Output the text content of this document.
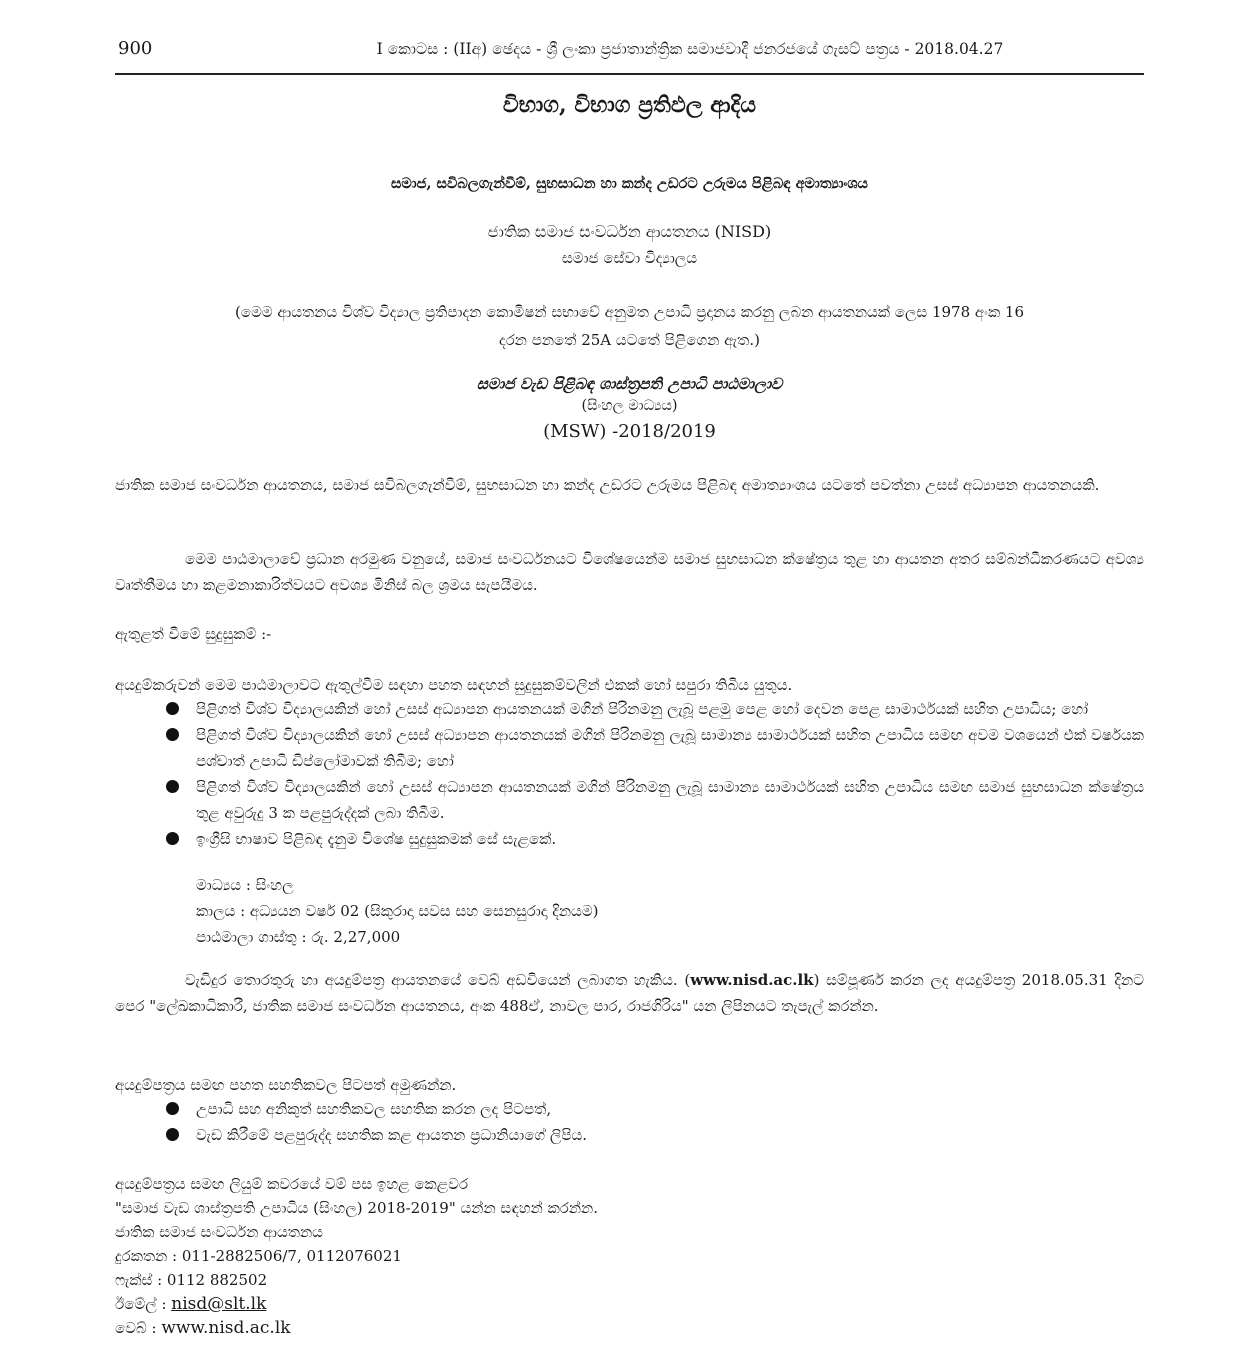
900	I කොටස : (IIඅ) ඡෙදය - ශ්‍රී ලංකා ප්‍රජාතාන්ත්‍රික සමාජවාදී ජනරජයේ ගැසට් පත්‍රය - 2018.04.27
විභාග, විභාග ප්‍රතිඵල ආදිය
සමාජ, සවිබලගැන්වීම්, සුභසාධන හා කන්ද උඩරට උරුමය පිළිබඳ අමාත්‍යාංශය
ජාතික සමාජ සංවර්ධන ආයතනය (NISD)
සමාජ සේවා විද්‍යාලය
(මෙම ආයතනය විශ්ව විද්‍යාල ප්‍රතිපාදන කොමිෂන් සභාවේ අනුමත උපාධි ප්‍රදානය කරනු ලබන ආයතනයක් ලෙස 1978 අංක 16
දරන පනතේ 25A යටතේ පිළිගෙන ඇත.)
සමාජ වැඩ පිළිබඳ ශාස්ත්‍රපති උපාධි පාඨමාලාව
(සිංහල මාධ්‍යය)
(MSW) -2018/2019
ජාතික සමාජ සංවර්ධන ආයතනය, සමාජ සවිබලගැන්වීම්, සුභසාධන හා කන්ද උඩරට උරුමය පිළිබඳ අමාත්‍යාංශය යටතේ පවත්නා උසස් අධ්‍යාපන ආයතනයකි.
මෙම පාඨමාලාවේ ප්‍රධාන අරමුණ වනුයේ, සමාජ සංවර්ධනයට විශේෂයෙන්ම සමාජ සුභසාධන ක්ෂේත්‍රය තුළ හා ආයතන අතර සම්බන්ධීකරණයට අවශ්‍ය වෘත්තීමය හා කළමනාකාරිත්වයට අවශ්‍ය මිනිස් බල ශ්‍රමය සැපයීමය.
ඇතුළත් වීමේ සුදුසුකම් :-
අයදුම්කරුවන් මෙම පාඨමාලාවට ඇතුල්වීම සඳහා පහත සඳහන් සුදුසුකම්වලින් එකක් හෝ සපුරා තිබිය යුතුය.
පිළිගත් විශ්ව විද්‍යාලයකින් හෝ උසස් අධ්‍යාපන ආයතනයක් මගින් පිරිනමනු ලැබූ පළමු පෙළ හෝ දෙවන පෙළ සාමාර්ථයක් සහිත උපාධිය; හෝ
පිළිගත් විශ්ව විද්‍යාලයකින් හෝ උසස් අධ්‍යාපන ආයතනයක් මගින් පිරිනමනු ලැබූ සාමාන්‍ය සාමාර්ථයක් සහිත උපාධිය සමඟ අවම වශයෙන් එක් වර්ෂයක පශ්චාත් උපාධි ඩිප්ලෝමාවක් තිබීම; හෝ
පිළිගත් විශ්ව විද්‍යාලයකින් හෝ උසස් අධ්‍යාපන ආයතනයක් මගින් පිරිනමනු ලැබූ සාමාන්‍ය සාමාර්ථයක් සහිත උපාධිය සමඟ සමාජ සුභසාධන ක්ෂේත්‍රය තුළ අවුරුදු 3 ක පළපුරුද්දක් ලබා තිබීම.
ඉංග්‍රීසි භාෂාව පිළිබඳ දැනුම විශේෂ සුදුසුකමක් සේ සැළකේ.
මාධ්‍යය : සිංහල
කාලය : අධ්‍යයන වර්ෂ 02 (සිකුරාදා සවස සහ සෙනසුරාදා දිනයම)
පාඨමාලා ගාස්තු : රු. 2,27,000
වැඩිදුර තොරතුරු හා අයදුම්පත්‍ර ආයතනයේ වෙබ් අඩවියෙන් ලබාගත හැකිය. (www.nisd.ac.lk) සම්පූර්ණ කරන ලද අයදුම්පත්‍ර 2018.05.31 දිනට පෙර "ලේඛකාධිකාරී, ජාතික සමාජ සංවර්ධන ආයතනය, අංක 488ඒ, නාවල පාර, රාජගිරිය" යන ලිපිනයට තැපැල් කරන්න.
අයදුම්පත්‍රය සමඟ පහත සහතිකවල පිටපත් අමුණන්න.
උපාධි සහ අනිකුත් සහතිකවල සහතික කරන ලද පිටපත්,
වැඩ කිරීමේ පළපුරුද්ද සහතික කළ ආයතන ප්‍රධානියාගේ ලිපිය.
අයදුම්පත්‍රය සමඟ ලියුම් කවරයේ වම් පස ඉහළ කෙළවර
"සමාජ වැඩ ශාස්ත්‍රපති උපාධිය (සිංහල) 2018-2019" යන්න සඳහන් කරන්න.
ජාතික සමාජ සංවර්ධන ආයතනය
දුරකතන : 011-2882506/7, 0112076021
ෆැක්ස් : 0112 882502
ඊමේල් : nisd@slt.lk
වෙබ් : www.nisd.ac.lk
